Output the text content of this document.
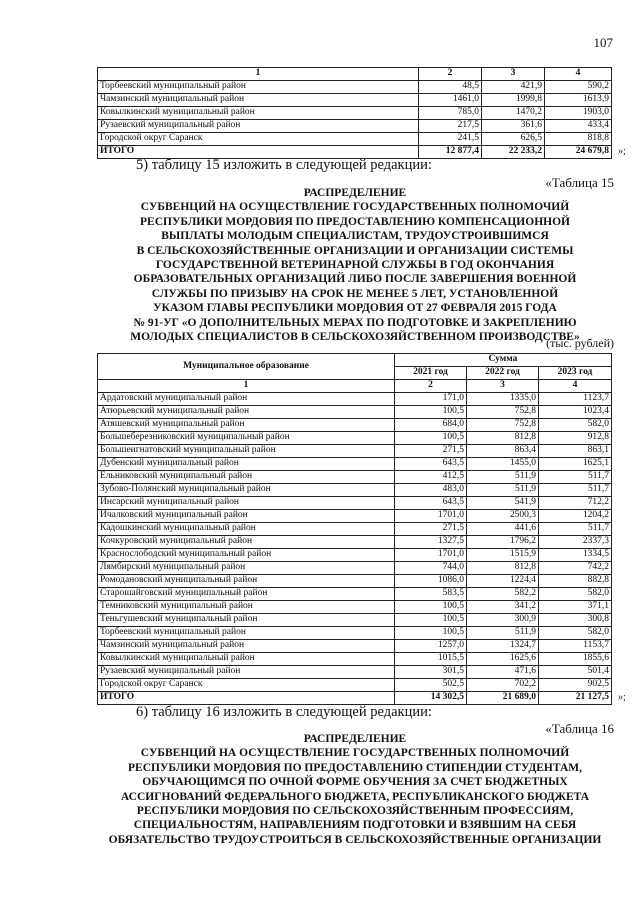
107
1	2	3	4
Торбеевский муниципальный район	48,5	421,9	590,2
Чамзинский муниципальный район	1461,0	1999,8	1613,9
Ковылкинский муниципальный район	785,0	1470,2	1903,0
Рузаевский муниципальный район	217,5	361,6	433,4
Городской округ Саранск	241,5	626,5	818,8
ИТОГО	12 877,4	22 233,2	24 679,8 »;
5) таблицу 15 изложить в следующей редакции:
«Таблица 15
РАСПРЕДЕЛЕНИЕ
СУБВЕНЦИЙ НА ОСУЩЕСТВЛЕНИЕ ГОСУДАРСТВЕННЫХ ПОЛНОМОЧИЙ
РЕСПУБЛИКИ МОРДОВИЯ ПО ПРЕДОСТАВЛЕНИЮ КОМПЕНСАЦИОННОЙ
ВЫПЛАТЫ МОЛОДЫМ СПЕЦИАЛИСТАМ, ТРУДОУСТРОИВШИМСЯ
В СЕЛЬСКОХОЗЯЙСТВЕННЫЕ ОРГАНИЗАЦИИ И ОРГАНИЗАЦИИ СИСТЕМЫ
ГОСУДАРСТВЕННОЙ ВЕТЕРИНАРНОЙ СЛУЖБЫ В ГОД ОКОНЧАНИЯ
ОБРАЗОВАТЕЛЬНЫХ ОРГАНИЗАЦИЙ ЛИБО ПОСЛЕ ЗАВЕРШЕНИЯ ВОЕННОЙ
СЛУЖБЫ ПО ПРИЗЫВУ НА СРОК НЕ МЕНЕЕ 5 ЛЕТ, УСТАНОВЛЕННОЙ
УКАЗОМ ГЛАВЫ РЕСПУБЛИКИ МОРДОВИЯ ОТ 27 ФЕВРАЛЯ 2015 ГОДА
№ 91-УГ «О ДОПОЛНИТЕЛЬНЫХ МЕРАХ ПО ПОДГОТОВКЕ И ЗАКРЕПЛЕНИЮ
МОЛОДЫХ СПЕЦИАЛИСТОВ В СЕЛЬСКОХОЗЯЙСТВЕННОМ ПРОИЗВОДСТВЕ»
(тыс. рублей)
Муниципальное образование	Сумма		
	2021 год	2022 год	2023 год
1	2	3	4
Ардатовский муниципальный район	171,0	1335,0	1123,7
Атюрьевский муниципальный район	100,5	752,8	1023,4
Атяшевский муниципальный район	684,0	752,8	582,0
Большеберезниковский муниципальный район	100,5	812,8	912,8
Большеигнатовский муниципальный район	271,5	863,4	863,1
Дубенский муниципальный район	643,5	1455,0	1625,1
Ельниковский муниципальный район	412,5	511,9	511,7
Зубово-Полянский муниципальный район	483,0	511,9	511,7
Инсарский муниципальный район	643,5	541,9	712,2
Ичалковский муниципальный район	1701,0	2500,3	1204,2
Кадошкинский муниципальный район	271,5	441,6	511,7
Кочкуровский муниципальный район	1327,5	1796,2	2337,3
Краснослободский муниципальный район	1701,0	1515,9	1334,5
Лямбирский муниципальный район	744,0	812,8	742,2
Ромодановский муниципальный район	1086,0	1224,4	882,8
Старошайговский муниципальный район	583,5	582,2	582,0
Темниковский муниципальный район	100,5	341,2	371,1
Теньгушевский муниципальный район	100,5	300,9	300,8
Торбеевский муниципальный район	100,5	511,9	582,0
Чамзинский муниципальный район	1257,0	1324,7	1153,7
Ковылкинский муниципальный район	1015,5	1625,6	1855,6
Рузаевский муниципальный район	301,5	471,6	501,4
Городской округ Саранск	502,5	702,2	902,5
ИТОГО	14 302,5	21 689,0	21 127,5 »;
6) таблицу 16 изложить в следующей редакции:
«Таблица 16
РАСПРЕДЕЛЕНИЕ
СУБВЕНЦИЙ НА ОСУЩЕСТВЛЕНИЕ ГОСУДАРСТВЕННЫХ ПОЛНОМОЧИЙ
РЕСПУБЛИКИ МОРДОВИЯ ПО ПРЕДОСТАВЛЕНИЮ СТИПЕНДИИ СТУДЕНТАМ,
ОБУЧАЮЩИМСЯ ПО ОЧНОЙ ФОРМЕ ОБУЧЕНИЯ ЗА СЧЕТ БЮДЖЕТНЫХ
АССИГНОВАНИЙ ФЕДЕРАЛЬНОГО БЮДЖЕТА, РЕСПУБЛИКАНСКОГО БЮДЖЕТА
РЕСПУБЛИКИ МОРДОВИЯ ПО СЕЛЬСКОХОЗЯЙСТВЕННЫМ ПРОФЕССИЯМ,
СПЕЦИАЛЬНОСТЯМ, НАПРАВЛЕНИЯМ ПОДГОТОВКИ И ВЗЯВШИМ НА СЕБЯ
ОБЯЗАТЕЛЬСТВО ТРУДОУСТРОИТЬСЯ В СЕЛЬСКОХОЗЯЙСТВЕННЫЕ ОРГАНИЗАЦИИ
